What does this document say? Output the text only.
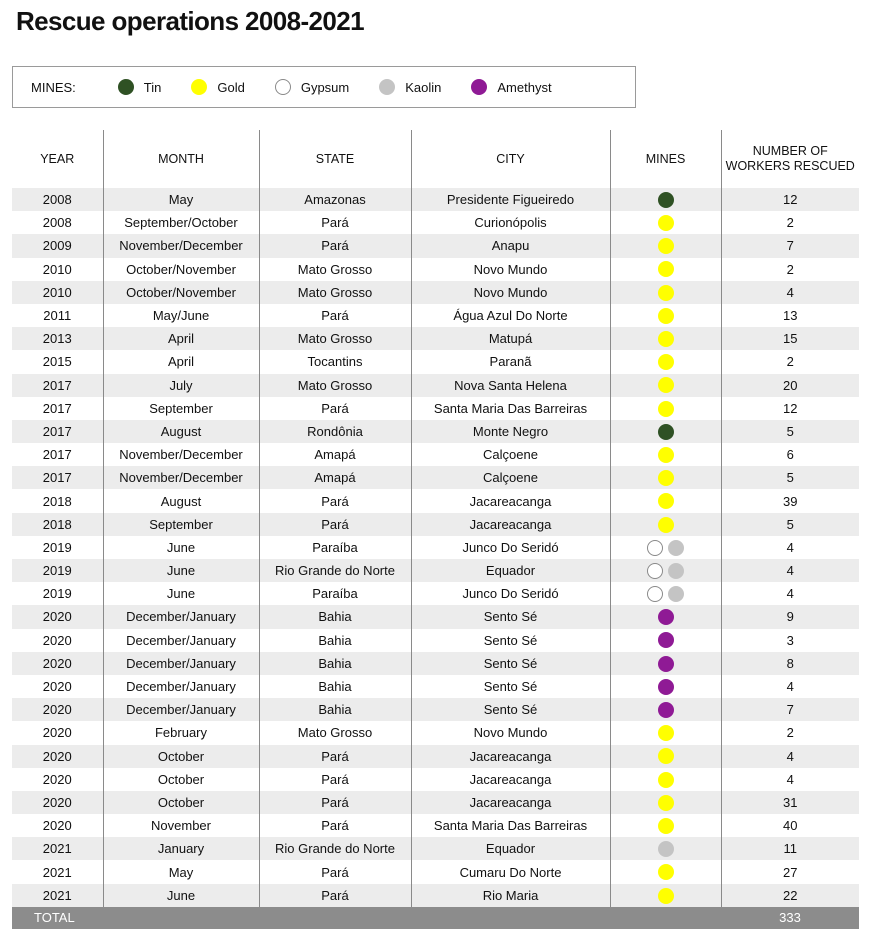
Rescue operations 2008-2021
MINES:	Tin	Gold	Gypsum	Kaolin	Amethyst
YEAR	MONTH	STATE	CITY	MINES	NUMBER OF WORKERS RESCUED
2008	May	Amazonas	Presidente Figueiredo		12
2008	September/October	Pará	Curionópolis		2
2009	November/December	Pará	Anapu		7
2010	October/November	Mato Grosso	Novo Mundo		2
2010	October/November	Mato Grosso	Novo Mundo		4
2011	May/June	Pará	Água Azul Do Norte		13
2013	April	Mato Grosso	Matupá		15
2015	April	Tocantins	Paranã		2
2017	July	Mato Grosso	Nova Santa Helena		20
2017	September	Pará	Santa Maria Das Barreiras		12
2017	August	Rondônia	Monte Negro		5
2017	November/December	Amapá	Calçoene		6
2017	November/December	Amapá	Calçoene		5
2018	August	Pará	Jacareacanga		39
2018	September	Pará	Jacareacanga		5
2019	June	Paraíba	Junco Do Seridó		4
2019	June	Rio Grande do Norte	Equador		4
2019	June	Paraíba	Junco Do Seridó		4
2020	December/January	Bahia	Sento Sé		9
2020	December/January	Bahia	Sento Sé		3
2020	December/January	Bahia	Sento Sé		8
2020	December/January	Bahia	Sento Sé		4
2020	December/January	Bahia	Sento Sé		7
2020	February	Mato Grosso	Novo Mundo		2
2020	October	Pará	Jacareacanga		4
2020	October	Pará	Jacareacanga		4
2020	October	Pará	Jacareacanga		31
2020	November	Pará	Santa Maria Das Barreiras		40
2021	January	Rio Grande do Norte	Equador		11
2021	May	Pará	Cumaru Do Norte		27
2021	June	Pará	Rio Maria		22
TOTAL					333
